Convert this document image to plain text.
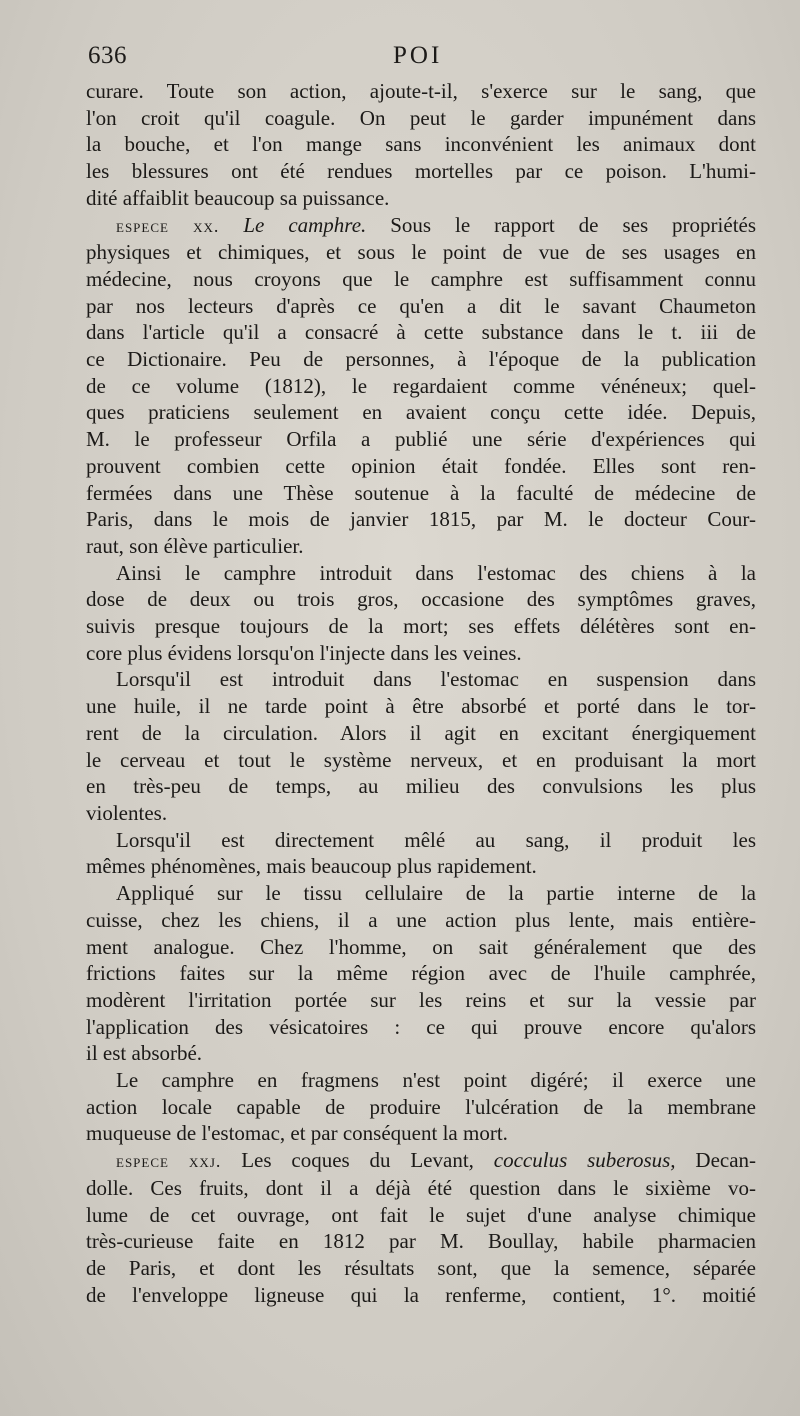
636	POI
curare. Toute son action, ajoute-t-il, s'exerce sur le sang, que
l'on croit qu'il coagule. On peut le garder impunément dans
la bouche, et l'on mange sans inconvénient les animaux dont
les blessures ont été rendues mortelles par ce poison. L'humi-
dité affaiblit beaucoup sa puissance.
espece xx. Le camphre. Sous le rapport de ses propriétés
physiques et chimiques, et sous le point de vue de ses usages en
médecine, nous croyons que le camphre est suffisamment connu
par nos lecteurs d'après ce qu'en a dit le savant Chaumeton
dans l'article qu'il a consacré à cette substance dans le t. iii de
ce Dictionaire. Peu de personnes, à l'époque de la publication
de ce volume (1812), le regardaient comme vénéneux; quel-
ques praticiens seulement en avaient conçu cette idée. Depuis,
M. le professeur Orfila a publié une série d'expériences qui
prouvent combien cette opinion était fondée. Elles sont ren-
fermées dans une Thèse soutenue à la faculté de médecine de
Paris, dans le mois de janvier 1815, par M. le docteur Cour-
raut, son élève particulier.
Ainsi le camphre introduit dans l'estomac des chiens à la
dose de deux ou trois gros, occasione des symptômes graves,
suivis presque toujours de la mort; ses effets délétères sont en-
core plus évidens lorsqu'on l'injecte dans les veines.
Lorsqu'il est introduit dans l'estomac en suspension dans
une huile, il ne tarde point à être absorbé et porté dans le tor-
rent de la circulation. Alors il agit en excitant énergiquement
le cerveau et tout le système nerveux, et en produisant la mort
en très-peu de temps, au milieu des convulsions les plus
violentes.
Lorsqu'il est directement mêlé au sang, il produit les
mêmes phénomènes, mais beaucoup plus rapidement.
Appliqué sur le tissu cellulaire de la partie interne de la
cuisse, chez les chiens, il a une action plus lente, mais entière-
ment analogue. Chez l'homme, on sait généralement que des
frictions faites sur la même région avec de l'huile camphrée,
modèrent l'irritation portée sur les reins et sur la vessie par
l'application des vésicatoires : ce qui prouve encore qu'alors
il est absorbé.
Le camphre en fragmens n'est point digéré; il exerce une
action locale capable de produire l'ulcération de la membrane
muqueuse de l'estomac, et par conséquent la mort.
espece xxj. Les coques du Levant, cocculus suberosus, Decan-
dolle. Ces fruits, dont il a déjà été question dans le sixième vo-
lume de cet ouvrage, ont fait le sujet d'une analyse chimique
très-curieuse faite en 1812 par M. Boullay, habile pharmacien
de Paris, et dont les résultats sont, que la semence, séparée
de l'enveloppe ligneuse qui la renferme, contient, 1°. moitié
